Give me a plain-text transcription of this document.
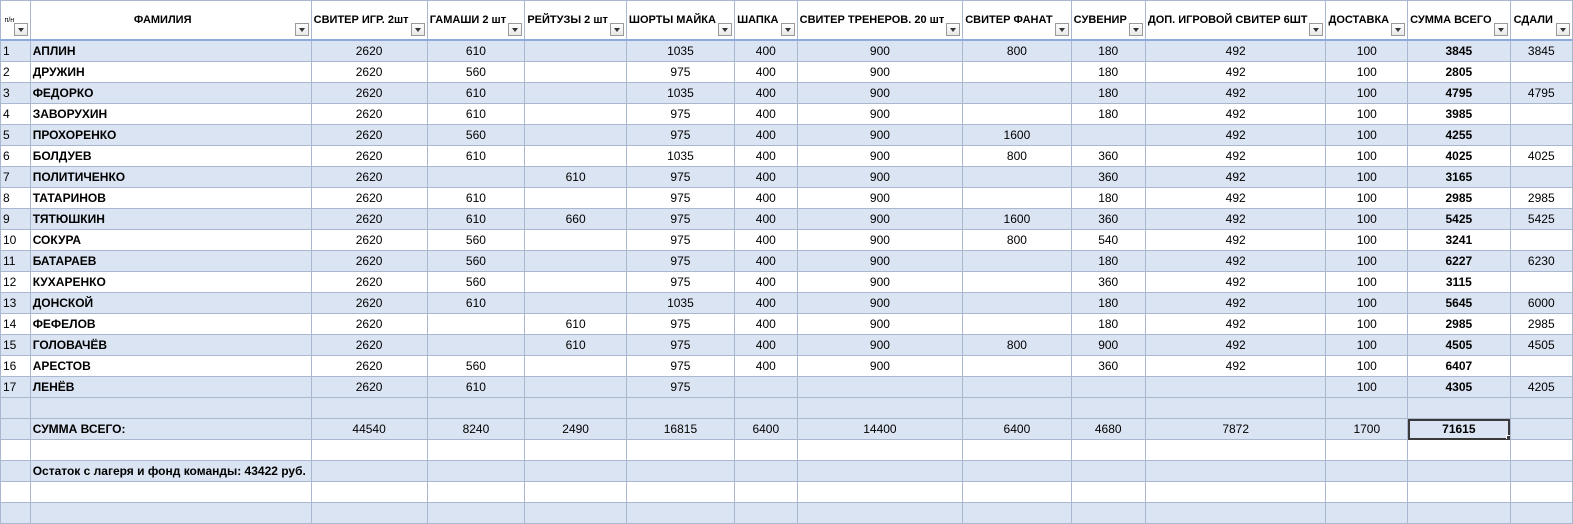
п/н	ФАМИЛИЯ	СВИТЕР ИГР. 2шт	ГАМАШИ 2 шт	РЕЙТУЗЫ 2 шт	ШОРТЫ МАЙКА	ШАПКА	СВИТЕР ТРЕНЕРОВ. 20 шт	СВИТЕР ФАНАТ	СУВЕНИР	ДОП. ИГРОВОЙ СВИТЕР 6ШТ	ДОСТАВКА	СУММА ВСЕГО	СДАЛИ

1	АПЛИН	2620	610		1035	400	900	800	180	492	100	3845	3845
2	ДРУЖИН	2620	560		975	400	900		180	492	100	2805	
3	ФЕДОРКО	2620	610		1035	400	900		180	492	100	4795	4795
4	ЗАВОРУХИН	2620	610		975	400	900		180	492	100	3985	
5	ПРОХОРЕНКО	2620	560		975	400	900	1600		492	100	4255	
6	БОЛДУЕВ	2620	610		1035	400	900	800	360	492	100	4025	4025
7	ПОЛИТИЧЕНКО	2620		610	975	400	900		360	492	100	3165	
8	ТАТАРИНОВ	2620	610		975	400	900		180	492	100	2985	2985
9	ТЯТЮШКИН	2620	610	660	975	400	900	1600	360	492	100	5425	5425
10	СОКУРА	2620	560		975	400	900	800	540	492	100	3241	
11	БАТАРАЕВ	2620	560		975	400	900		180	492	100	6227	6230
12	КУХАРЕНКО	2620	560		975	400	900		360	492	100	3115	
13	ДОНСКОЙ	2620	610		1035	400	900		180	492	100	5645	6000
14	ФЕФЕЛОВ	2620		610	975	400	900		180	492	100	2985	2985
15	ГОЛОВАЧЁВ	2620		610	975	400	900	800	900	492	100	4505	4505
16	АРЕСТОВ	2620	560		975	400	900		360	492	100	6407	
17	ЛЕНЁВ	2620	610		975						100	4305	4205

	СУММА ВСЕГО:	44540	8240	2490	16815	6400	14400	6400	4680	7872	1700	71615	

	Остаток с лагеря и фонд команды: 43422 руб.												
